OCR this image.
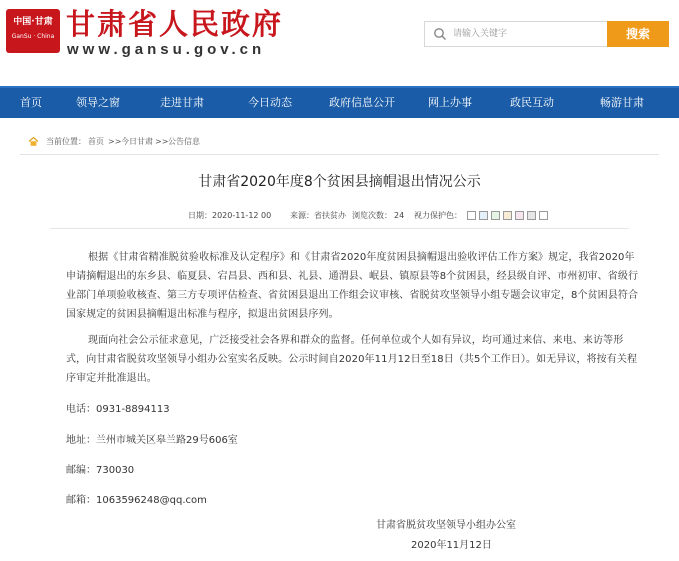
中国·甘肃
GanSu · China 甘肃省人民政府
www.gansu.gov.cn
请输入关键字
搜索
首页	领导之窗	走进甘肃	今日动态	政府信息公开	网上办事	政民互动	畅游甘肃
当前位置： 首页 >> 今日甘肃 >> 公告信息
甘肃省2020年度8个贫困县摘帽退出情况公示
日期： 2020-11-12 00 来源： 省扶贫办 浏览次数： 24 视力保护色：
根据《甘肃省精准脱贫验收标准及认定程序》和《甘肃省2020年度贫困县摘帽退出验收评估工作方案》规定，我省2020年申请摘帽退出的东乡县、临夏县、宕昌县、西和县、礼县、通渭县、岷县、镇原县等8个贫困县，经县级自评、市州初审、省级行业部门单项验收核查、第三方专项评估检查、省贫困县退出工作组会议审核、省脱贫攻坚领导小组专题会议审定，8个贫困县符合国家规定的贫困县摘帽退出标准与程序，拟退出贫困县序列。
现面向社会公示征求意见，广泛接受社会各界和群众的监督。任何单位或个人如有异议，均可通过来信、来电、来访等形式，向甘肃省脱贫攻坚领导小组办公室实名反映。公示时间自2020年11月12日至18日（共5个工作日）。如无异议，将按有关程序审定并批准退出。
电话：0931-8894113
地址：兰州市城关区皋兰路29号606室
邮编：730030
邮箱：1063596248@qq.com
甘肃省脱贫攻坚领导小组办公室
2020年11月12日
